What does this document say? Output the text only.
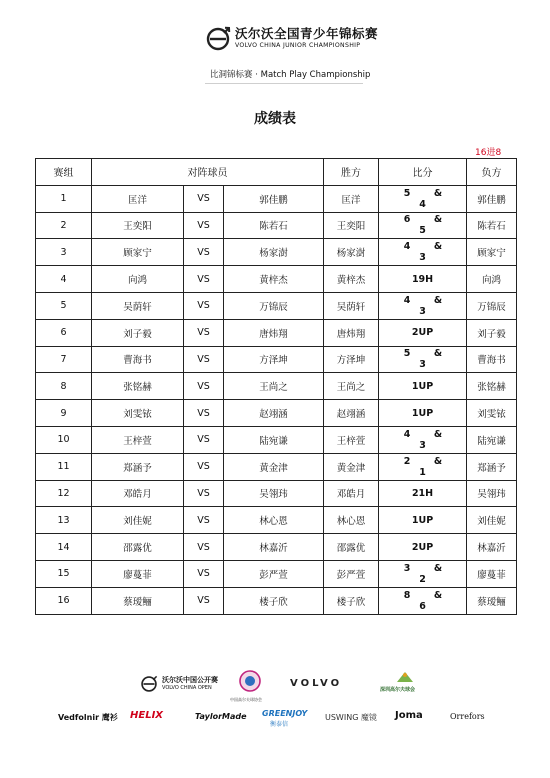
沃尔沃全国青少年锦标赛
VOLVO CHINA JUNIOR CHAMPIONSHIP
比洞锦标赛 · Match Play Championship
成绩表
16进8
赛组	对阵球员			胜方	比分	负方
1	匡洋	VS	郭佳鹏	匡洋	5 &4	郭佳鹏
2	王奕阳	VS	陈若石	王奕阳	6 &5	陈若石
3	顾家宁	VS	杨家澍	杨家澍	4 &3	顾家宁
4	向鸿	VS	黄梓杰	黄梓杰	19H	向鸿
5	吴荫轩	VS	万锦辰	吴荫轩	4 &3	万锦辰
6	刘子毅	VS	唐炜翔	唐炜翔	2UP	刘子毅
7	曹海书	VS	方泽坤	方泽坤	5 &3	曹海书
8	张铭赫	VS	王尚之	王尚之	1UP	张铭赫
9	刘雯铱	VS	赵翊涵	赵翊涵	1UP	刘雯铱
10	王梓萱	VS	陆宛谦	王梓萱	4 &3	陆宛谦
11	郑涵予	VS	黄金津	黄金津	2 &1	郑涵予
12	邓皓月	VS	吴翎玮	邓皓月	21H	吴翎玮
13	刘佳妮	VS	林心恩	林心恩	1UP	刘佳妮
14	邵露优	VS	林嘉沂	邵露优	2UP	林嘉沂
15	廖蔓菲	VS	彭严萱	彭严萱	3 &2	廖蔓菲
16	蔡瑷鲡	VS	楼子欣	楼子欣	8 &6	蔡瑷鲡
沃尔沃中国公开赛
VOLVO CHINA OPEN
中国高尔夫球协会
VOLVO
深圳高尔夫球会
Vedfolnir 鹰衫 HELIX	TaylorMade GREENJOY
衡泰信
USWING 魔镜 Joma	Orrefors
